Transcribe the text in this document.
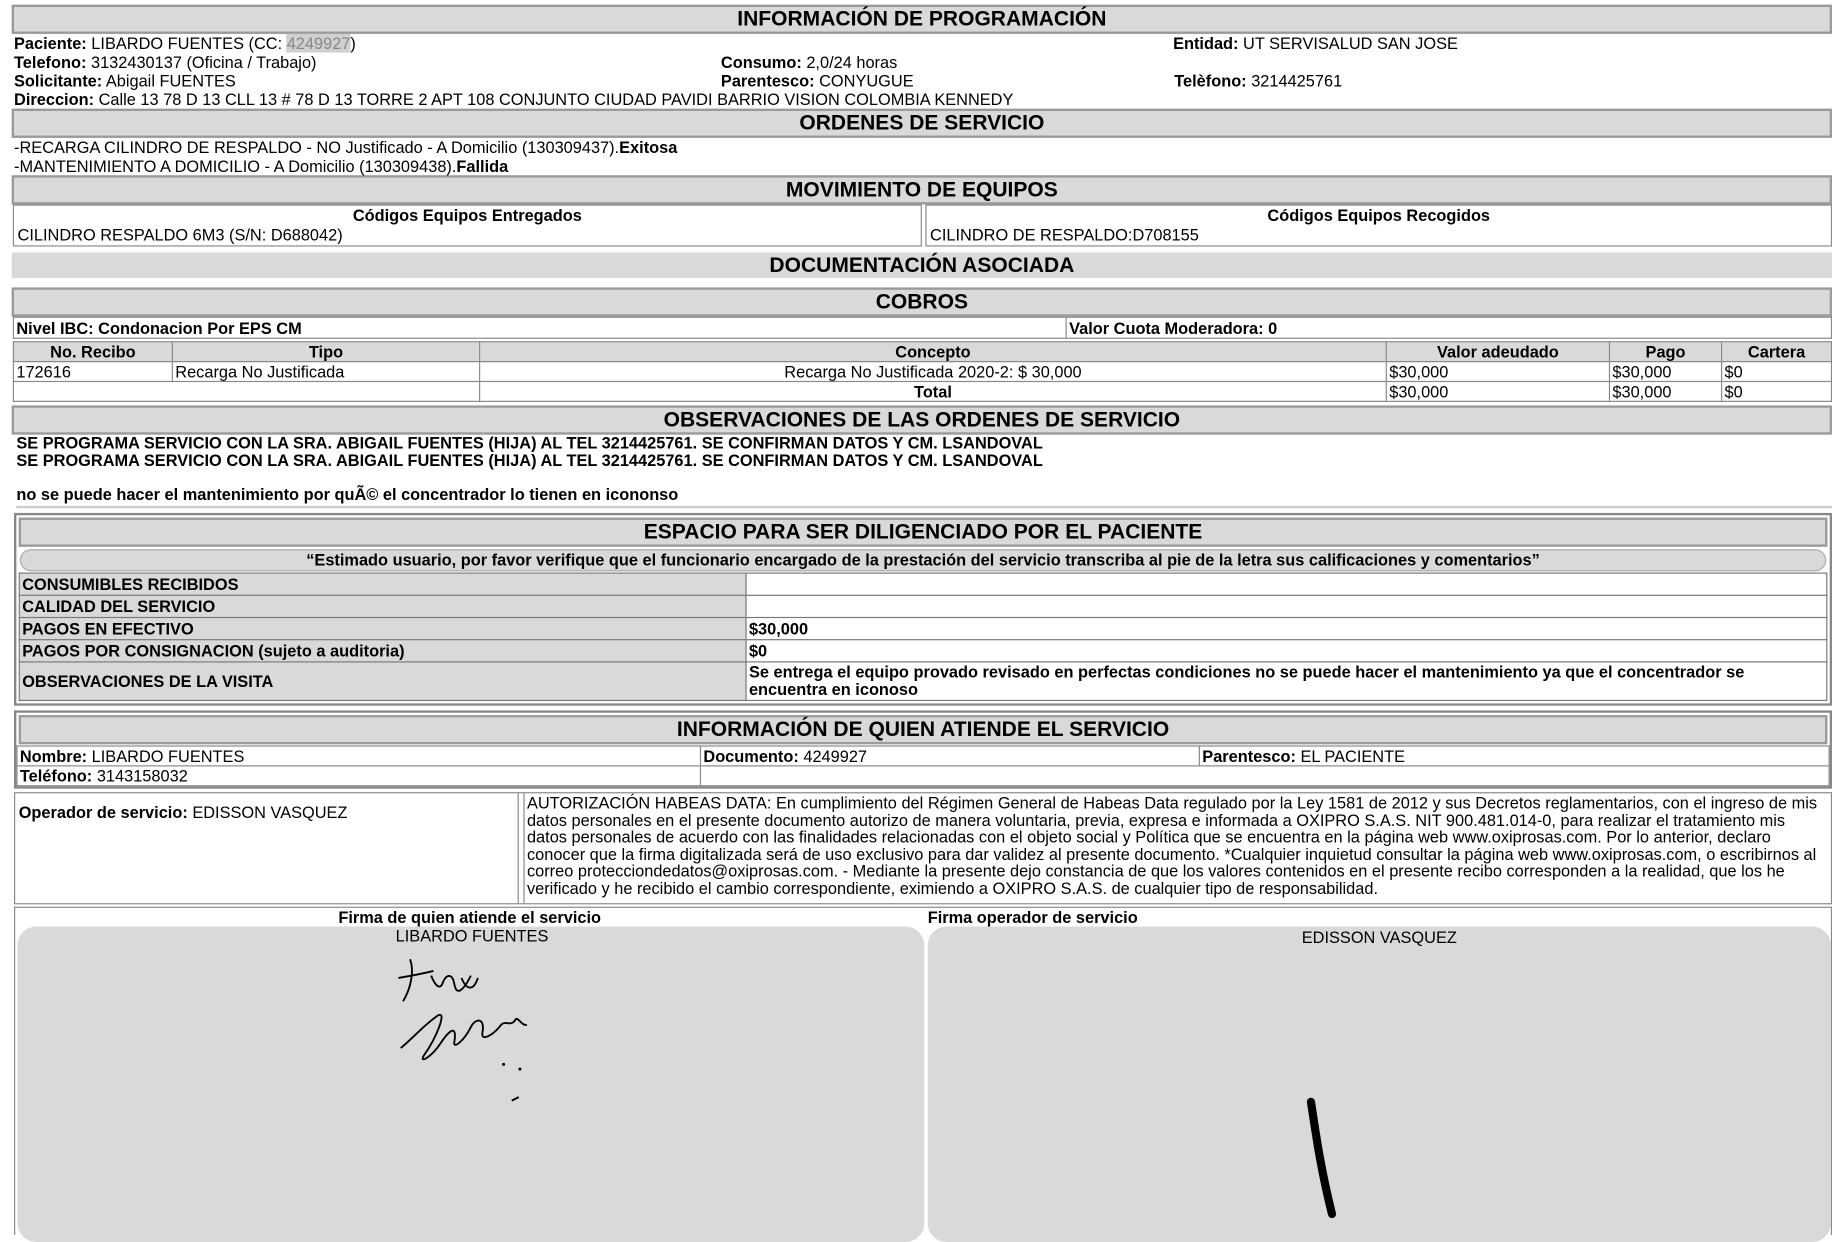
INFORMACIÓN DE PROGRAMACIÓN
Paciente: LIBARDO FUENTES (CC: 4249927)	Entidad: UT SERVISALUD SAN JOSE
Telefono: 3132430137 (Oficina / Trabajo)	Consumo: 2,0/24 horas
Solicitante: Abigail FUENTES	Parentesco: CONYUGUE	Telèfono: 3214425761
Direccion: Calle 13 78 D 13 CLL 13 # 78 D 13 TORRE 2 APT 108 CONJUNTO CIUDAD PAVIDI BARRIO VISION COLOMBIA KENNEDY
ORDENES DE SERVICIO
-RECARGA CILINDRO DE RESPALDO - NO Justificado - A Domicilio (130309437).Exitosa
-MANTENIMIENTO A DOMICILIO - A Domicilio (130309438).Fallida
MOVIMIENTO DE EQUIPOS
Códigos Equipos Entregados
CILINDRO RESPALDO 6M3 (S/N: D688042)
Códigos Equipos Recogidos
CILINDRO DE RESPALDO:D708155
DOCUMENTACIÓN ASOCIADA
COBROS
Nivel IBC: Condonacion Por EPS CM	Valor Cuota Moderadora: 0
No. Recibo	Tipo	Concepto	Valor adeudado	Pago	Cartera
172616	Recarga No Justificada	Recarga No Justificada 2020-2: $ 30,000	$30,000	$30,000	$0
		Total	$30,000	$30,000	$0
OBSERVACIONES DE LAS ORDENES DE SERVICIO
SE PROGRAMA SERVICIO CON LA SRA. ABIGAIL FUENTES (HIJA) AL TEL 3214425761. SE CONFIRMAN DATOS Y CM. LSANDOVAL
SE PROGRAMA SERVICIO CON LA SRA. ABIGAIL FUENTES (HIJA) AL TEL 3214425761. SE CONFIRMAN DATOS Y CM. LSANDOVAL
no se puede hacer el mantenimiento por quÃ© el concentrador lo tienen en icononso
ESPACIO PARA SER DILIGENCIADO POR EL PACIENTE
“Estimado usuario, por favor verifique que el funcionario encargado de la prestación del servicio transcriba al pie de la letra sus calificaciones y comentarios”
CONSUMIBLES RECIBIDOS	
CALIDAD DEL SERVICIO	
PAGOS EN EFECTIVO	$30,000
PAGOS POR CONSIGNACION (sujeto a auditoria)	$0
OBSERVACIONES DE LA VISITA	Se entrega el equipo provado revisado en perfectas condiciones no se puede hacer el mantenimiento ya que el concentrador se encuentra en iconoso
INFORMACIÓN DE QUIEN ATIENDE EL SERVICIO
Nombre: LIBARDO FUENTES	Documento: 4249927	Parentesco: EL PACIENTE
Teléfono: 3143158032		
Operador de servicio: EDISSON VASQUEZ
AUTORIZACIÓN HABEAS DATA: En cumplimiento del Régimen General de Habeas Data regulado por la Ley 1581 de 2012 y sus Decretos reglamentarios, con el ingreso de mis datos personales en el presente documento autorizo de manera voluntaria, previa, expresa e informada a OXIPRO S.A.S. NIT 900.481.014-0, para realizar el tratamiento mis datos personales de acuerdo con las finalidades relacionadas con el objeto social y Política que se encuentra en la página web www.oxiprosas.com. Por lo anterior, declaro conocer que la firma digitalizada será de uso exclusivo para dar validez al presente documento. *Cualquier inquietud consultar la página web www.oxiprosas.com, o escribirnos al correo protecciondedatos@oxiprosas.com. - Mediante la presente dejo constancia de que los valores contenidos en el presente recibo corresponden a la realidad, que los he verificado y he recibido el cambio correspondiente, eximiendo a OXIPRO S.A.S. de cualquier tipo de responsabilidad.
Firma de quien atiende el servicio
LIBARDO FUENTES
Firma operador de servicio
EDISSON VASQUEZ
